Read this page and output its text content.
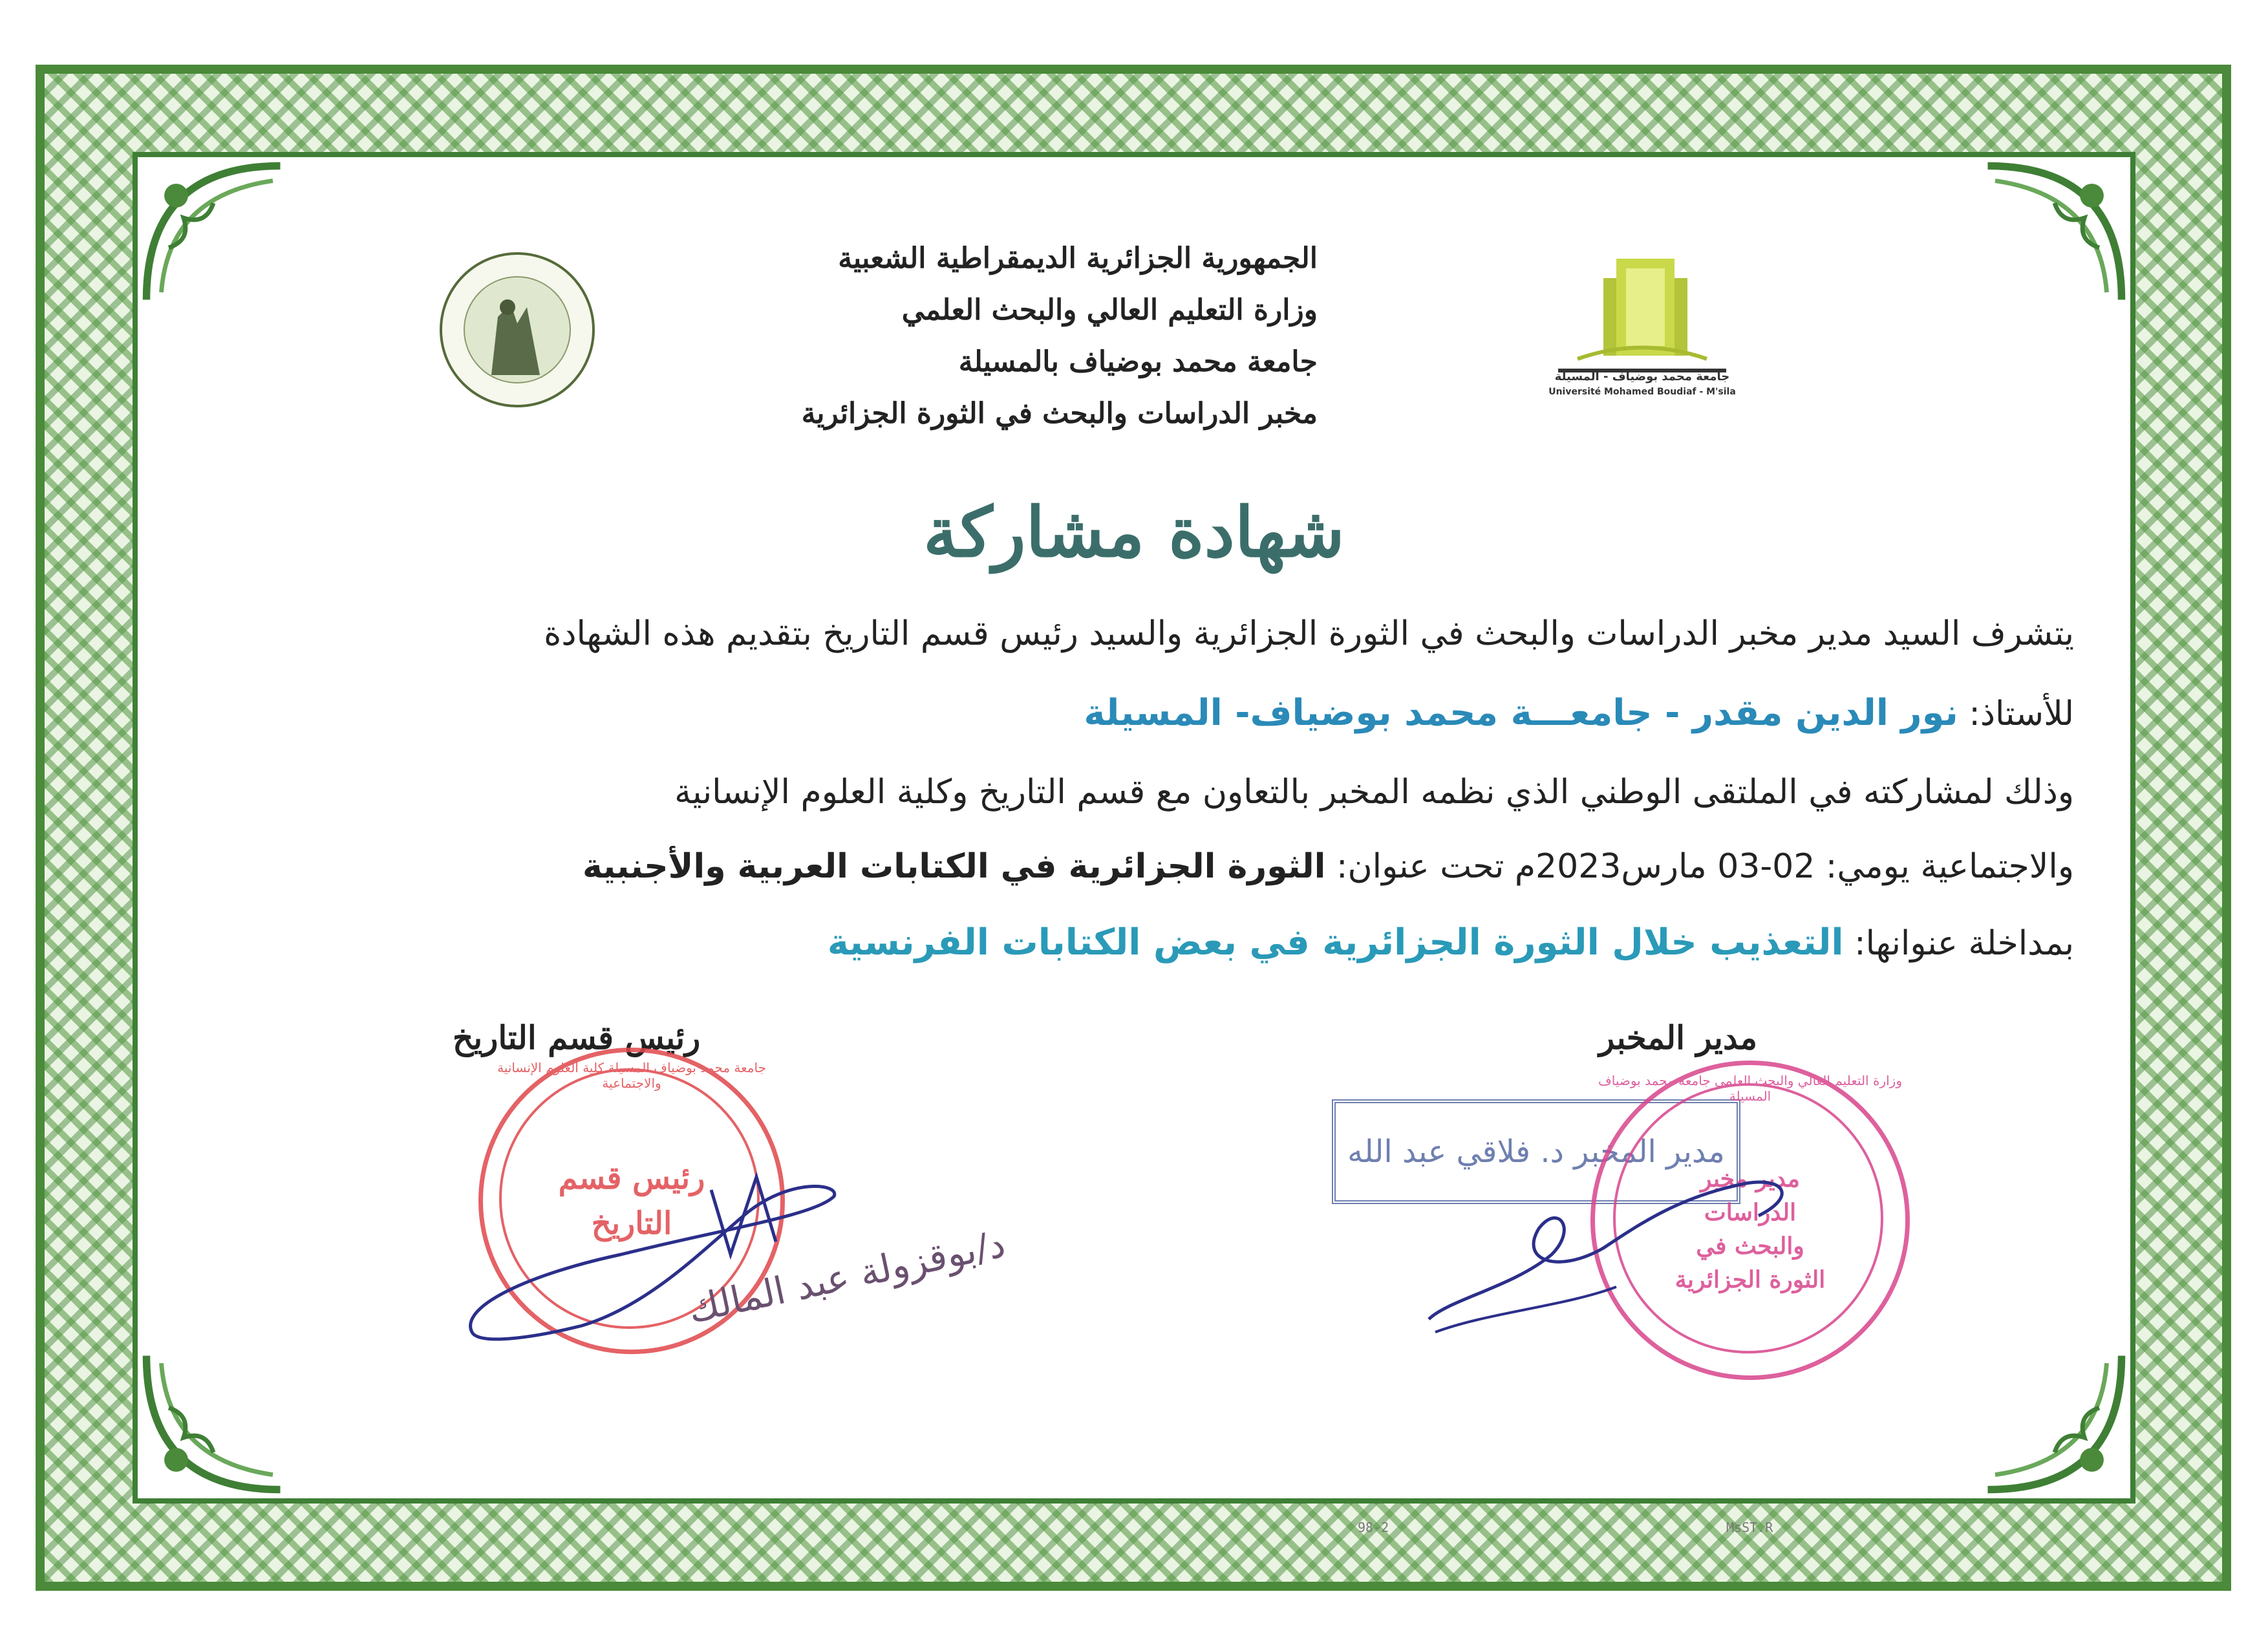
جامعة محمد بوضياف - المسيلة
Université Mohamed Boudiaf - M'sila
الجمهورية الجزائرية الديمقراطية الشعبية
وزارة التعليم العالي والبحث العلمي
جامعة محمد بوضياف بالمسيلة
مخبر الدراسات والبحث في الثورة الجزائرية
شهادة مشاركة
يتشرف السيد مدير مخبر الدراسات والبحث في الثورة الجزائرية والسيد رئيس قسم التاريخ بتقديم هذه الشهادة
للأستاذ: نور الدين مقدر - جامعـــة محمد بوضياف- المسيلة
وذلك لمشاركته في الملتقى الوطني الذي نظمه المخبر بالتعاون مع قسم التاريخ وكلية العلوم الإنسانية
والاجتماعية يومي: 02-03 مارس2023م تحت عنوان: الثورة الجزائرية في الكتابات العربية والأجنبية
بمداخلة عنوانها: التعذيب خلال الثورة الجزائرية في بعض الكتابات الفرنسية
مدير المخبر
رئيس قسم التاريخ
جامعة محمد بوضياف المسيلة كلية العلوم الإنسانية والاجتماعية
رئيس قسم التاريخ د/بوقزولة عبد المالك
مدير المخبر د. فلاقي عبد الله
وزارة التعليم العالي والبحث العلمي جامعة محمد بوضياف المسيلة
مدير مخبر الدراسات والبحث في الثورة الجزائرية
98-2	MsST.R
